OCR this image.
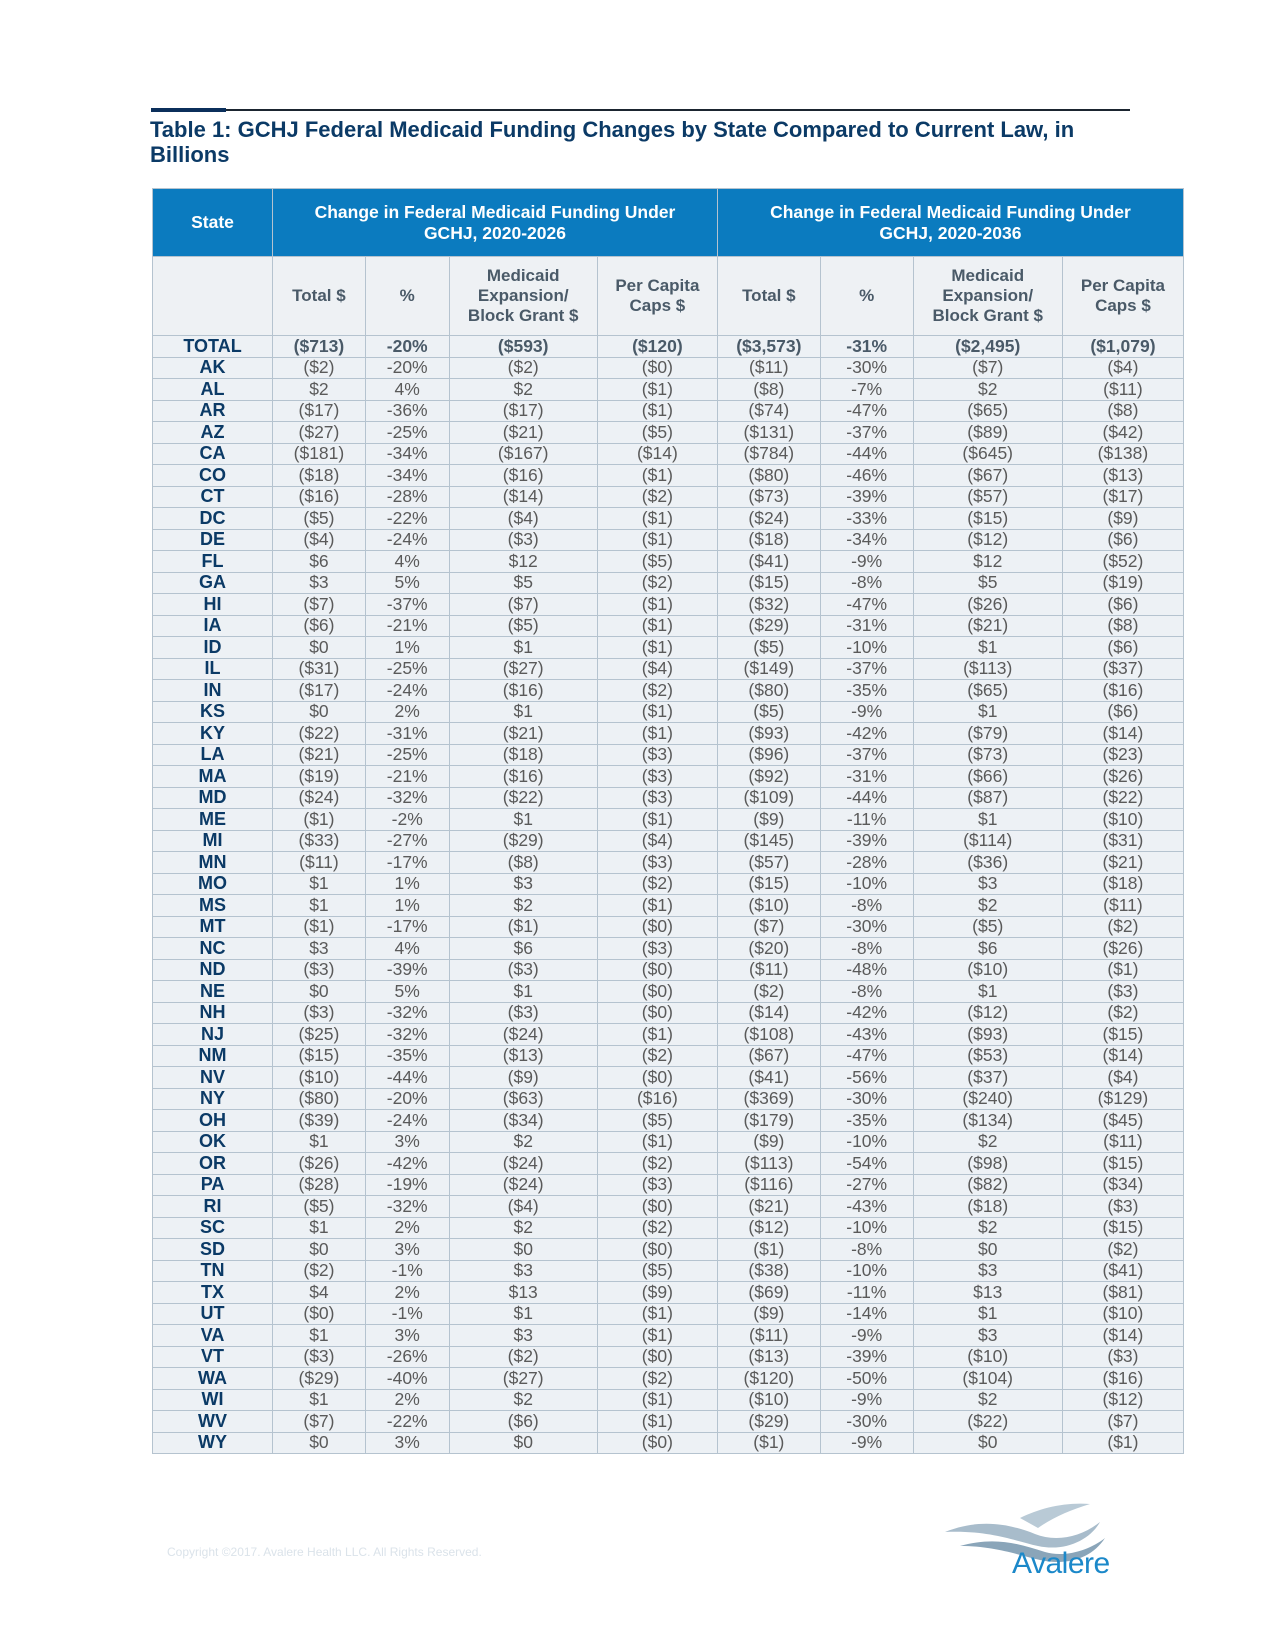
Table 1: GCHJ Federal Medicaid Funding Changes by State Compared to Current Law, in Billions
State	Change in Federal Medicaid Funding Under GCHJ, 2020-2026				Change in Federal Medicaid Funding Under GCHJ, 2020-2036			
	Total $	%	Medicaid Expansion/ Block Grant $	Per Capita Caps $	Total $	%	Medicaid Expansion/ Block Grant $	Per Capita Caps $
TOTAL	($713)	-20%	($593)	($120)	($3,573)	-31%	($2,495)	($1,079)
AK	($2)	-20%	($2)	($0)	($11)	-30%	($7)	($4)
AL	$2	4%	$2	($1)	($8)	-7%	$2	($11)
AR	($17)	-36%	($17)	($1)	($74)	-47%	($65)	($8)
AZ	($27)	-25%	($21)	($5)	($131)	-37%	($89)	($42)
CA	($181)	-34%	($167)	($14)	($784)	-44%	($645)	($138)
CO	($18)	-34%	($16)	($1)	($80)	-46%	($67)	($13)
CT	($16)	-28%	($14)	($2)	($73)	-39%	($57)	($17)
DC	($5)	-22%	($4)	($1)	($24)	-33%	($15)	($9)
DE	($4)	-24%	($3)	($1)	($18)	-34%	($12)	($6)
FL	$6	4%	$12	($5)	($41)	-9%	$12	($52)
GA	$3	5%	$5	($2)	($15)	-8%	$5	($19)
HI	($7)	-37%	($7)	($1)	($32)	-47%	($26)	($6)
IA	($6)	-21%	($5)	($1)	($29)	-31%	($21)	($8)
ID	$0	1%	$1	($1)	($5)	-10%	$1	($6)
IL	($31)	-25%	($27)	($4)	($149)	-37%	($113)	($37)
IN	($17)	-24%	($16)	($2)	($80)	-35%	($65)	($16)
KS	$0	2%	$1	($1)	($5)	-9%	$1	($6)
KY	($22)	-31%	($21)	($1)	($93)	-42%	($79)	($14)
LA	($21)	-25%	($18)	($3)	($96)	-37%	($73)	($23)
MA	($19)	-21%	($16)	($3)	($92)	-31%	($66)	($26)
MD	($24)	-32%	($22)	($3)	($109)	-44%	($87)	($22)
ME	($1)	-2%	$1	($1)	($9)	-11%	$1	($10)
MI	($33)	-27%	($29)	($4)	($145)	-39%	($114)	($31)
MN	($11)	-17%	($8)	($3)	($57)	-28%	($36)	($21)
MO	$1	1%	$3	($2)	($15)	-10%	$3	($18)
MS	$1	1%	$2	($1)	($10)	-8%	$2	($11)
MT	($1)	-17%	($1)	($0)	($7)	-30%	($5)	($2)
NC	$3	4%	$6	($3)	($20)	-8%	$6	($26)
ND	($3)	-39%	($3)	($0)	($11)	-48%	($10)	($1)
NE	$0	5%	$1	($0)	($2)	-8%	$1	($3)
NH	($3)	-32%	($3)	($0)	($14)	-42%	($12)	($2)
NJ	($25)	-32%	($24)	($1)	($108)	-43%	($93)	($15)
NM	($15)	-35%	($13)	($2)	($67)	-47%	($53)	($14)
NV	($10)	-44%	($9)	($0)	($41)	-56%	($37)	($4)
NY	($80)	-20%	($63)	($16)	($369)	-30%	($240)	($129)
OH	($39)	-24%	($34)	($5)	($179)	-35%	($134)	($45)
OK	$1	3%	$2	($1)	($9)	-10%	$2	($11)
OR	($26)	-42%	($24)	($2)	($113)	-54%	($98)	($15)
PA	($28)	-19%	($24)	($3)	($116)	-27%	($82)	($34)
RI	($5)	-32%	($4)	($0)	($21)	-43%	($18)	($3)
SC	$1	2%	$2	($2)	($12)	-10%	$2	($15)
SD	$0	3%	$0	($0)	($1)	-8%	$0	($2)
TN	($2)	-1%	$3	($5)	($38)	-10%	$3	($41)
TX	$4	2%	$13	($9)	($69)	-11%	$13	($81)
UT	($0)	-1%	$1	($1)	($9)	-14%	$1	($10)
VA	$1	3%	$3	($1)	($11)	-9%	$3	($14)
VT	($3)	-26%	($2)	($0)	($13)	-39%	($10)	($3)
WA	($29)	-40%	($27)	($2)	($120)	-50%	($104)	($16)
WI	$1	2%	$2	($1)	($10)	-9%	$2	($12)
WV	($7)	-22%	($6)	($1)	($29)	-30%	($22)	($7)
WY	$0	3%	$0	($0)	($1)	-9%	$0	($1)
Copyright ©2017. Avalere Health LLC. All Rights Reserved.	Avalere
